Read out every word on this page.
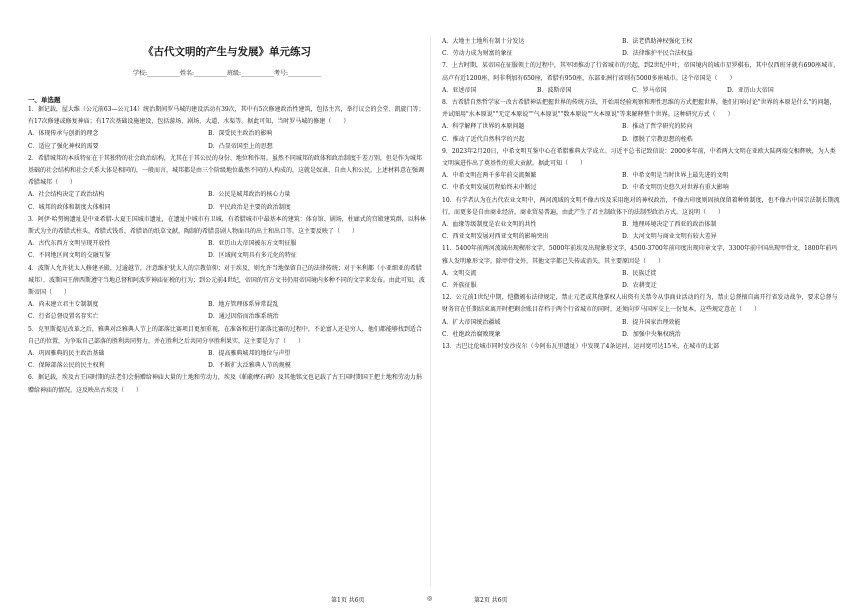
《古代文明的产生与发展》单元练习
学校:___________姓名:___________班级:___________考号:___________
一、单选题
1．据记载，屋大维（公元前63—公元14）统治期间罗马城的建设活动有39次，其中有5次修建政治性建筑，包括主宫，举行议会的会堂、凯旋门等；有17次修建或修复神庙；有17次基础设施建设，包括游场、剧场、大道、水渠等。据此可知，当时罗马城的修建（　　）
A．体现传承与创新的理念	B．深受民主政治的影响
C．适应了强化神权的需要	D．凸显帝国至上的思想
2．希腊城邦的本质特征在于其独特的社会政治结构，尤其在于其公民的身份、地位和作用。虽然不同城邦的政体和政治制度千差万别，但是作为城邦基础的社会结构和社会关系大体是相同的，一般而言，城邦都是由三个阶级地位截然不同的人构成的，这就是奴隶、自由人和公民。上述材料意在强调希腊城邦（　　）
A．社会结构决定了政治结构	B．公民是城邦政治的核心力量
C．城邦的政体和制度大体相同	D．平民政治是主要的政治制度
3．阿伊·哈努姆遗址是中亚希腊-大夏王国城市遗址，在遗址中城市有卫城，有希腊城市中最基本的建筑：体育馆、剧场，柱廊式的宫殿建筑群，以科林斯式为主的希腊式柱头，希腊式钱币，希腊语的纸草文献，陶制的希腊喜剧人物面具的出土和出口等。这主要反映了（　　）
A．古代东西方文明呈现开放性	B．亚历山大帝国被东方文明征服
C．不同地区间文明的交融互鉴	D．区域间文明具有多元化的特征
4．波斯人允许犹太人修建圣殿，过逾越节，注意维护犹太人的宗教信仰；对于埃及，则允许当地保留自己的法律传统；对于米利都（小亚细亚的希腊城邦），波斯国王薛西斯遵守当地总督和阿波罗神庙征税的行为；到公元前4世纪，帝国的官方文书仍用帝国境内多种不同的文字来发布。由此可知，波斯帝国（　　）
A．尚未建立君主专制制度	B．地方管理体系异常混乱
C．行省总督设置名存实亡	D．通过因俗而治维系统治
5．克里斯提尼改革之后，雅典对泛雅典人节上的部落比赛项目更加重视，在准备和进行部落比赛的过程中，不论富人还是穷人，他们都能够找到适合自己的位置，为争取自己部落的胜利共同努力，并在胜利之后共同分享胜利果实。这主要是为了（　　）
A．巩固雅典的民主政治基础	B．提高雅典城邦的地位与声望
C．保障部落公民的民主权利	D．不断扩大泛雅典人节的规模
6．据记载，埃及古王国时期的法老们会捐赠给神庙大量的土地和劳动力，埃及《帕勒摩石碑》及其他铭文也记载了古王国时期国王把土地和劳动力捐赠给神庙的情况。这反映出古埃及（　　）
A．大地主土地所有制十分发达	B．法老借助神权强化王权
C．劳动力成为财富的象征	D．法律维护平民合法权益
7．上古时期，某帝国在征服领土的过程中，其军团推动了行省城市的兴起，到2世纪中叶，帝国境内的城市星罗棋布，其中仅西班牙就有690座城市，高卢有近1200座，阿非利加有650座，希腊有950座，东部亚洲行省则有5000多座城市。这个帝国是（　　）
A．亚述帝国	B．波斯帝国	C．罗马帝国	D．亚历山大帝国
8．古希腊自然哲学家一改古希腊神话把握世界的传统方法，开始用经验观察和理性思维的方式把握世界，他们打响讨论"世界的本原是什么"的问题，并试图用"水本原说""无定本原说""气本原说""数本原说""火本原说"等来解释整个世界。这种研究方式（　　）
A．科学解释了世界的本原问题	B．推动了哲学研究的转向
C．推动了近代自然科学的兴起	D．摆脱了宗教思想的桎梏
9．2023年2月20日，中希文明互鉴中心在希腊雅典大学成立。习近平总书记致信说：2000多年前，中希两大文明在亚欧大陆两端交相辉映，为人类文明演进作出了奠基性的重大贡献。据此可知（　　）
A．中希文明在两千多年前交流频繁	B．中希文明是当时世界上最先进的文明
C．中希文明发展历程始终未中断过	D．中希文明历史悠久对世界有重大影响
10．有学者认为在古代农业文明中，两河流域的文明不像古埃及采用绝对的神权政治，不像古印度则固执保留着种姓制度，也不像古中国宗法制长期流行，而更多是自由商业经济，商业贸易普遍，由此产生了君主制政体下的法制型政治方式。这说明（　　）
A．血缘等级制度是农业文明的共性	B．地理环境决定了西亚的政治体制
C．西亚文明发展对西亚文明的影响突出	D．大河文明与商业文明有较大差异
11．5400年前两河流域出现楔形文字，5000年前埃及出现象形文字，4500-3700年前印度出现印章文字，3300年前中国出现甲骨文，1800年前玛雅人发明象形文字。除甲骨文外，其他文字都已失传或消失，其主要原因是（　　）
A．文明交流	B．民族迁徙
C．外族征服	D．农耕变迁
12．公元前1世纪中期，恺撒颁布法律规定，禁止元老或其他掌权人出资有关禁令从事商业活动的行为，禁止总督擅自离开行省发动战争，要求总督与财务官在任期结束离开时把剩余账目存档于两个行省城市的同时，还须向罗马国库交上一份复本。这些规定意在（　　）
A．扩大帝国统治疆域	B．提升国家治理效能
C．杜绝政治腐败现象	D．加强中央集权统治
13．古巴比伦城市同时发沙皮尔（今阿布瓦里遗址）中发现了4条运河，运河宽可达15米，在城市的北部
第1页 共6页	◎	第2页 共6页
